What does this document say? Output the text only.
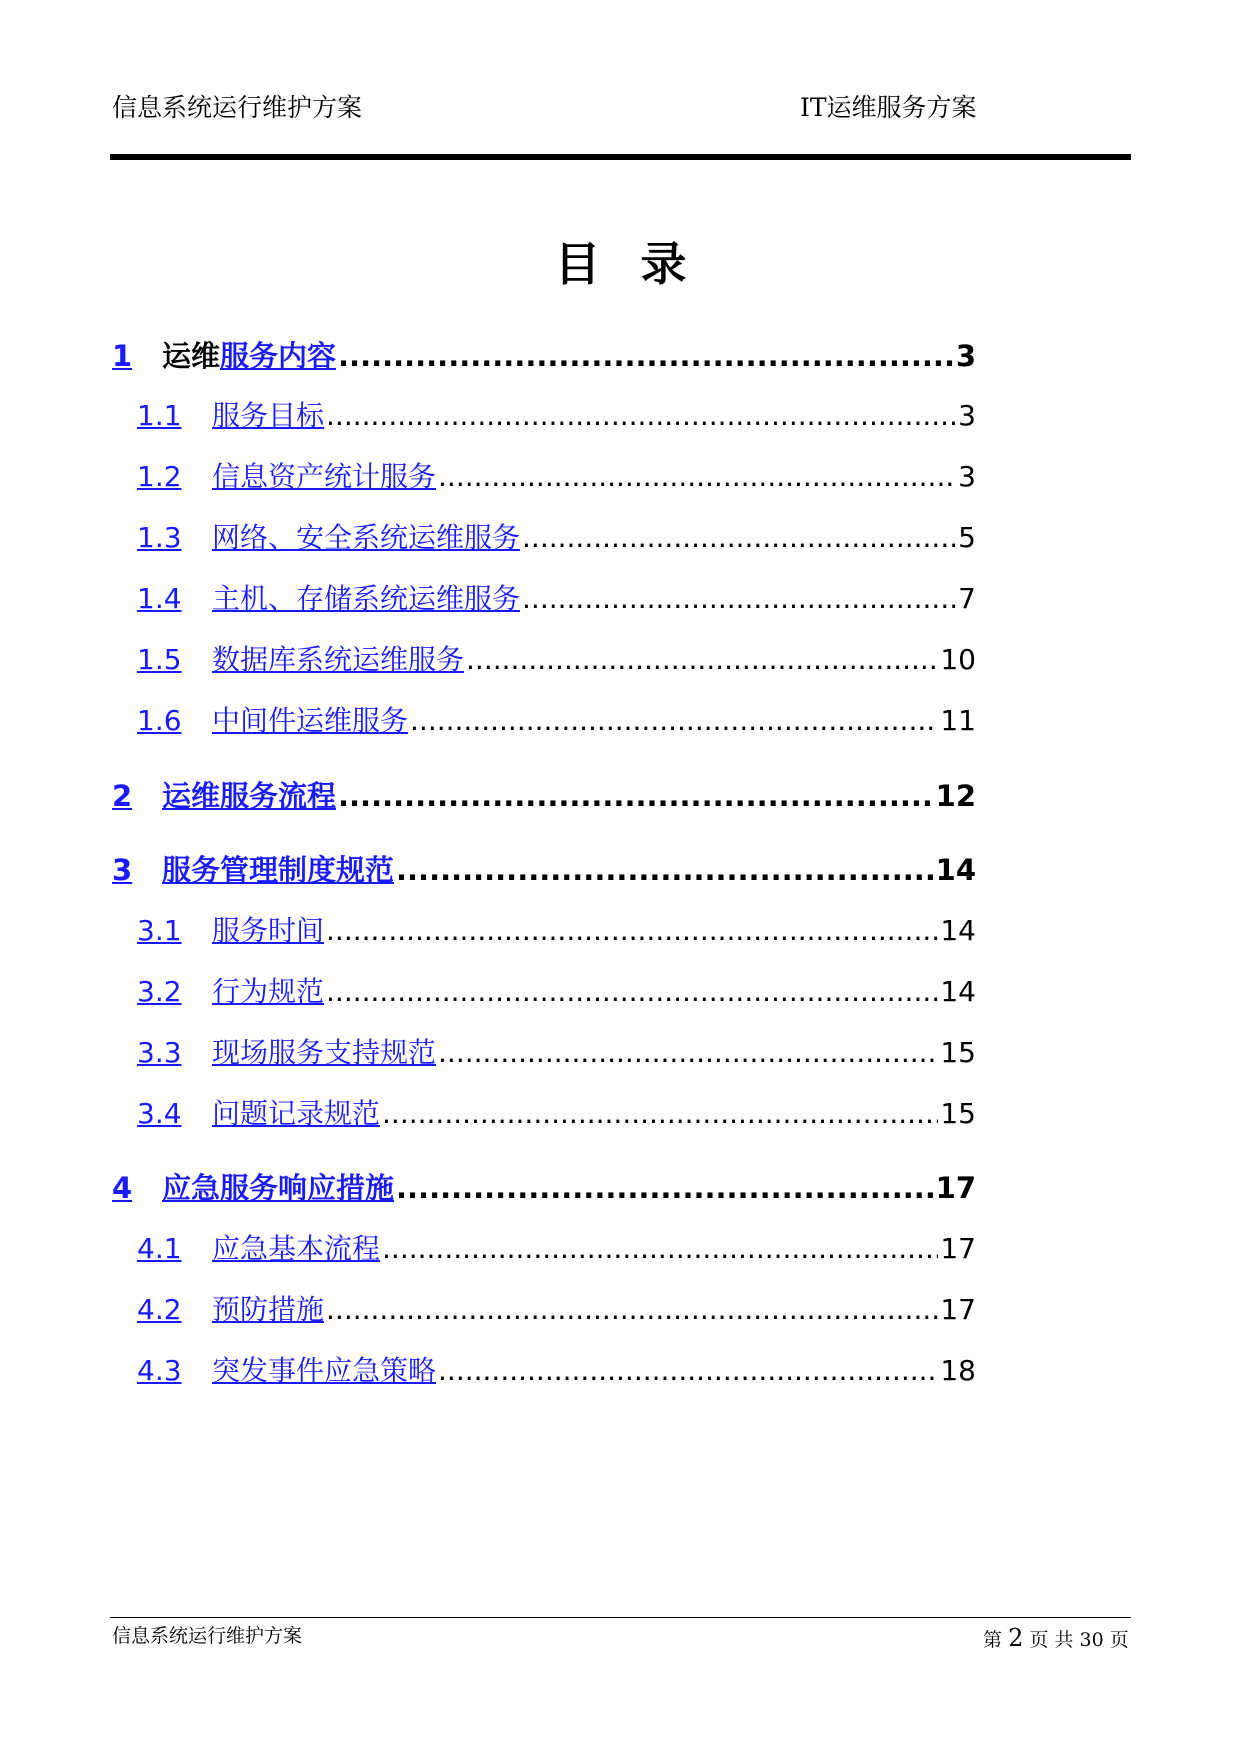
信息系统运行维护方案	IT运维服务方案
目录
1	运维服务内容 .....	3
1.1	服务目标 .....	3
1.2	信息资产统计服务 .....	3
1.3	网络、安全系统运维服务 .....	5
1.4	主机、存储系统运维服务 .....	7
1.5	数据库系统运维服务 .....	10
1.6	中间件运维服务 .....	11
2	运维服务流程 .....	12
3	服务管理制度规范 .....	14
3.1	服务时间 .....	14
3.2	行为规范 .....	14
3.3	现场服务支持规范 .....	15
3.4	问题记录规范 .....	15
4	应急服务响应措施 .....	17
4.1	应急基本流程 .....	17
4.2	预防措施 .....	17
4.3	突发事件应急策略 .....	18
信息系统运行维护方案	第 2 页 共 30 页
